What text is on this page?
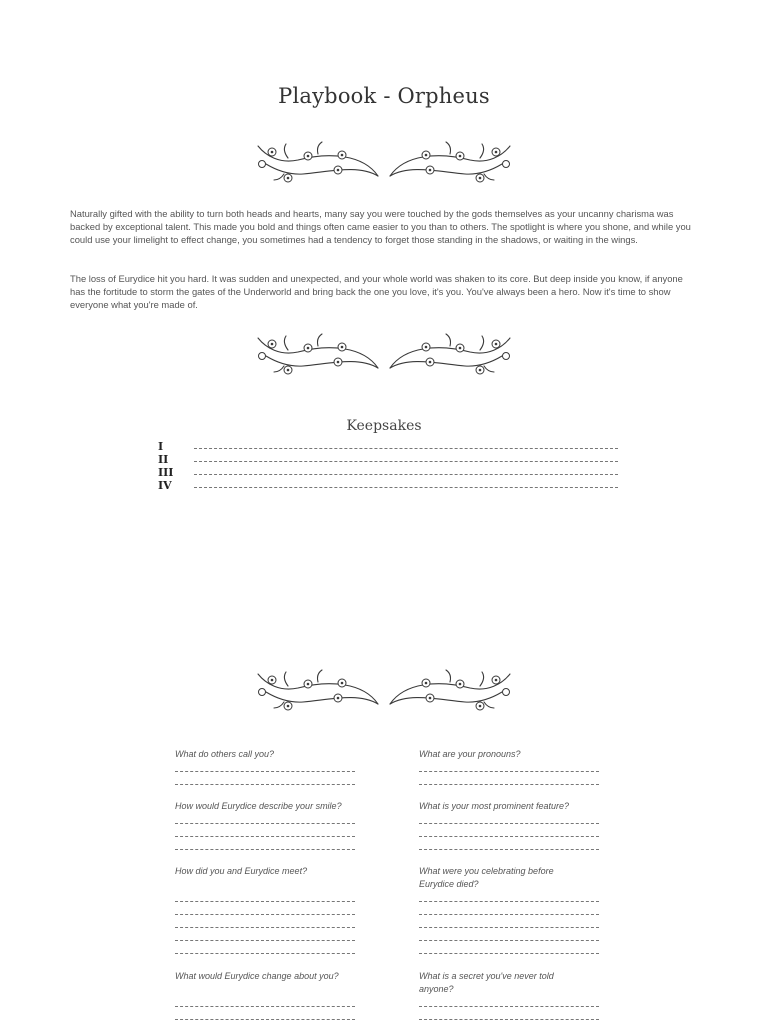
Playbook - Orpheus

Naturally gifted with the ability to turn both heads and hearts, many say you were touched by the gods themselves as your uncanny charisma was backed by exceptional talent. This made you bold and things often came easier to you than to others. The spotlight is where you shone, and while you could use your limelight to effect change, you sometimes had a tendency to forget those standing in the shadows, or waiting in the wings.

The loss of Eurydice hit you hard. It was sudden and unexpected, and your whole world was shaken to its core. But deep inside you know, if anyone has the fortitude to storm the gates of the Underworld and bring back the one you love, it's you. You've always been a hero. Now it's time to show everyone what you're made of.

Keepsakes
I
II
III
IV
What do others call you?	What are your pronouns?
How would Eurydice describe your smile?	What is your most prominent feature?
How did you and Eurydice meet?	What were you celebrating before Eurydice died?
What would Eurydice change about you?	What is a secret you've never told anyone?
